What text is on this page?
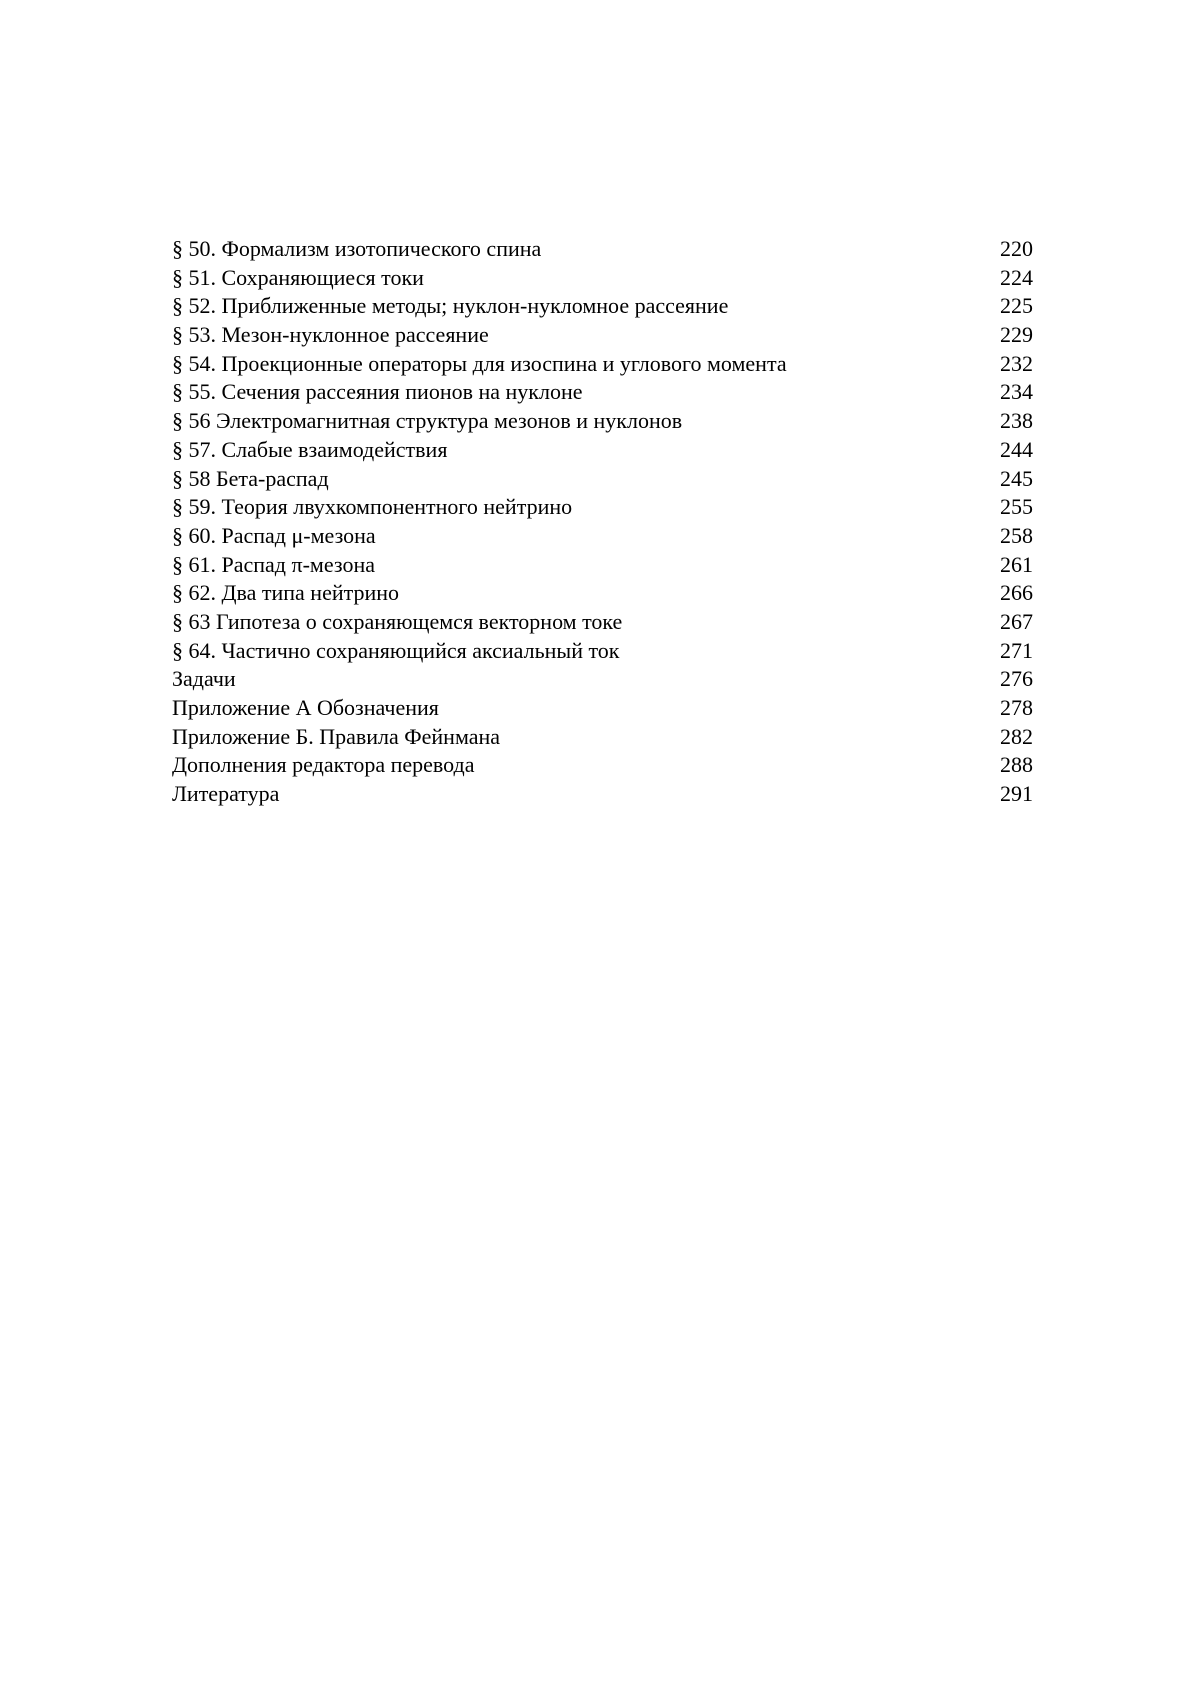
§ 50. Формализм изотопического спина	220
§ 51. Сохраняющиеся токи	224
§ 52. Приближенные методы; нуклон-нукломное рассеяние	225
§ 53. Мезон-нуклонное рассеяние	229
§ 54. Проекционные операторы для изоспина и углового момента	232
§ 55. Сечения рассеяния пионов на нуклоне	234
§ 56 Электромагнитная структура мезонов и нуклонов	238
§ 57. Слабые взаимодействия	244
§ 58 Бета-распад	245
§ 59. Теория лвухкомпонентного нейтрино	255
§ 60. Распад μ-мезона	258
§ 61. Распад π-мезона	261
§ 62. Два типа нейтрино	266
§ 63 Гипотеза о сохраняющемся векторном токе	267
§ 64. Частично сохраняющийся аксиальный ток	271
Задачи	276
Приложение А Обозначения	278
Приложение Б. Правила Фейнмана	282
Дополнения редактора перевода	288
Литература	291
